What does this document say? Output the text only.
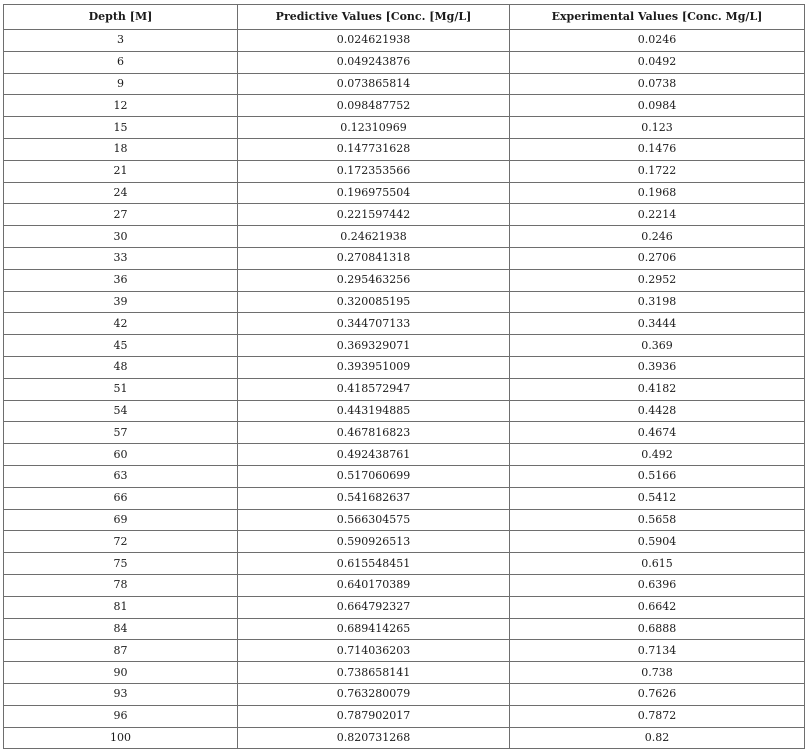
Depth [M]	Predictive Values [Conc. [Mg/L]	Experimental Values [Conc. Mg/L]
3	0.024621938	0.0246
6	0.049243876	0.0492
9	0.073865814	0.0738
12	0.098487752	0.0984
15	0.12310969	0.123
18	0.147731628	0.1476
21	0.172353566	0.1722
24	0.196975504	0.1968
27	0.221597442	0.2214
30	0.24621938	0.246
33	0.270841318	0.2706
36	0.295463256	0.2952
39	0.320085195	0.3198
42	0.344707133	0.3444
45	0.369329071	0.369
48	0.393951009	0.3936
51	0.418572947	0.4182
54	0.443194885	0.4428
57	0.467816823	0.4674
60	0.492438761	0.492
63	0.517060699	0.5166
66	0.541682637	0.5412
69	0.566304575	0.5658
72	0.590926513	0.5904
75	0.615548451	0.615
78	0.640170389	0.6396
81	0.664792327	0.6642
84	0.689414265	0.6888
87	0.714036203	0.7134
90	0.738658141	0.738
93	0.763280079	0.7626
96	0.787902017	0.7872
100	0.820731268	0.82
